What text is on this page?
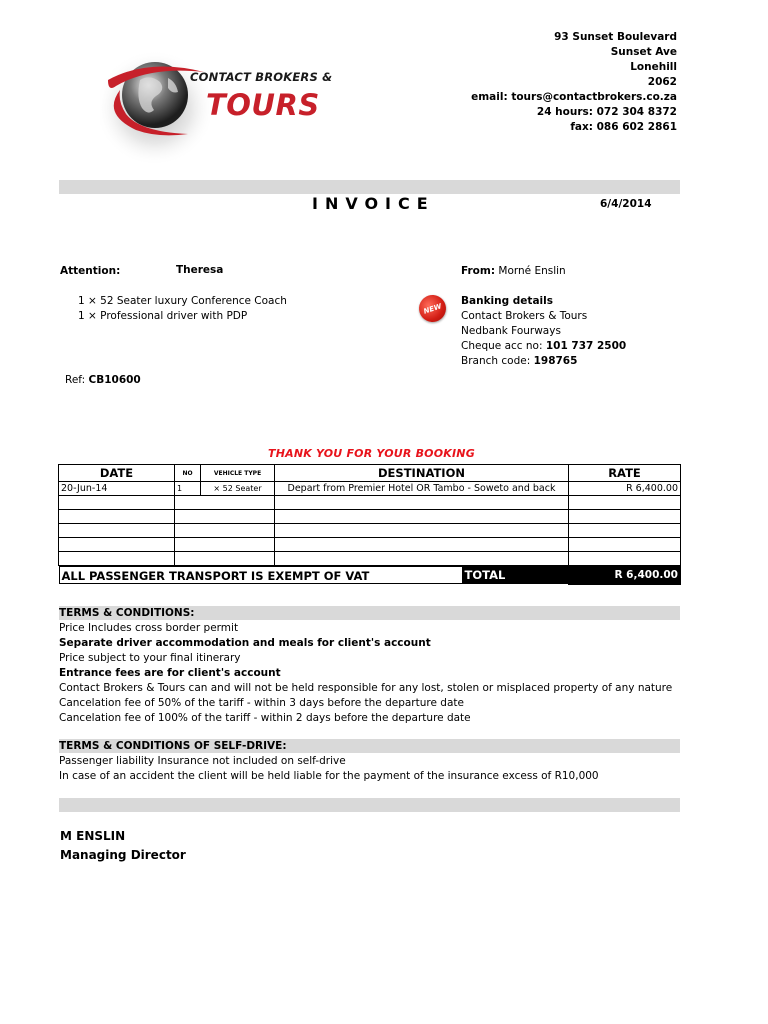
CONTACT BROKERS &
TOURS
93 Sunset Boulevard
Sunset Ave
Lonehill
2062
email: tours@contactbrokers.co.za
24 hours: 072 304 8372
fax: 086 602 2861
INVOICE	6/4/2014
Attention:	Theresa	From: Morné Enslin
1 × 52 Seater luxury Conference Coach
1 × Professional driver with PDP
NEW
Banking details
Contact Brokers & Tours
Nedbank Fourways
Cheque acc no: 101 737 2500
Branch code: 198765
Ref: CB10600
THANK YOU FOR YOUR BOOKING
DATE	NO	VEHICLE TYPE	DESTINATION	RATE
20-Jun-14	1	× 52 Seater	Depart from Premier Hotel OR Tambo - Soweto and back	R 6,400.00

ALL PASSENGER TRANSPORT IS EXEMPT OF VAT TOTAL				R 6,400.00
TERMS & CONDITIONS:
Price Includes cross border permit
Separate driver accommodation and meals for client's account
Price subject to your final itinerary
Entrance fees are for client's account
Contact Brokers & Tours can and will not be held responsible for any lost, stolen or misplaced property of any nature
Cancelation fee of 50% of the tariff - within 3 days before the departure date
Cancelation fee of 100% of the tariff - within 2 days before the departure date
TERMS & CONDITIONS OF SELF-DRIVE:
Passenger liability Insurance not included on self-drive
In case of an accident the client will be held liable for the payment of the insurance excess of R10,000
M ENSLIN
Managing Director
